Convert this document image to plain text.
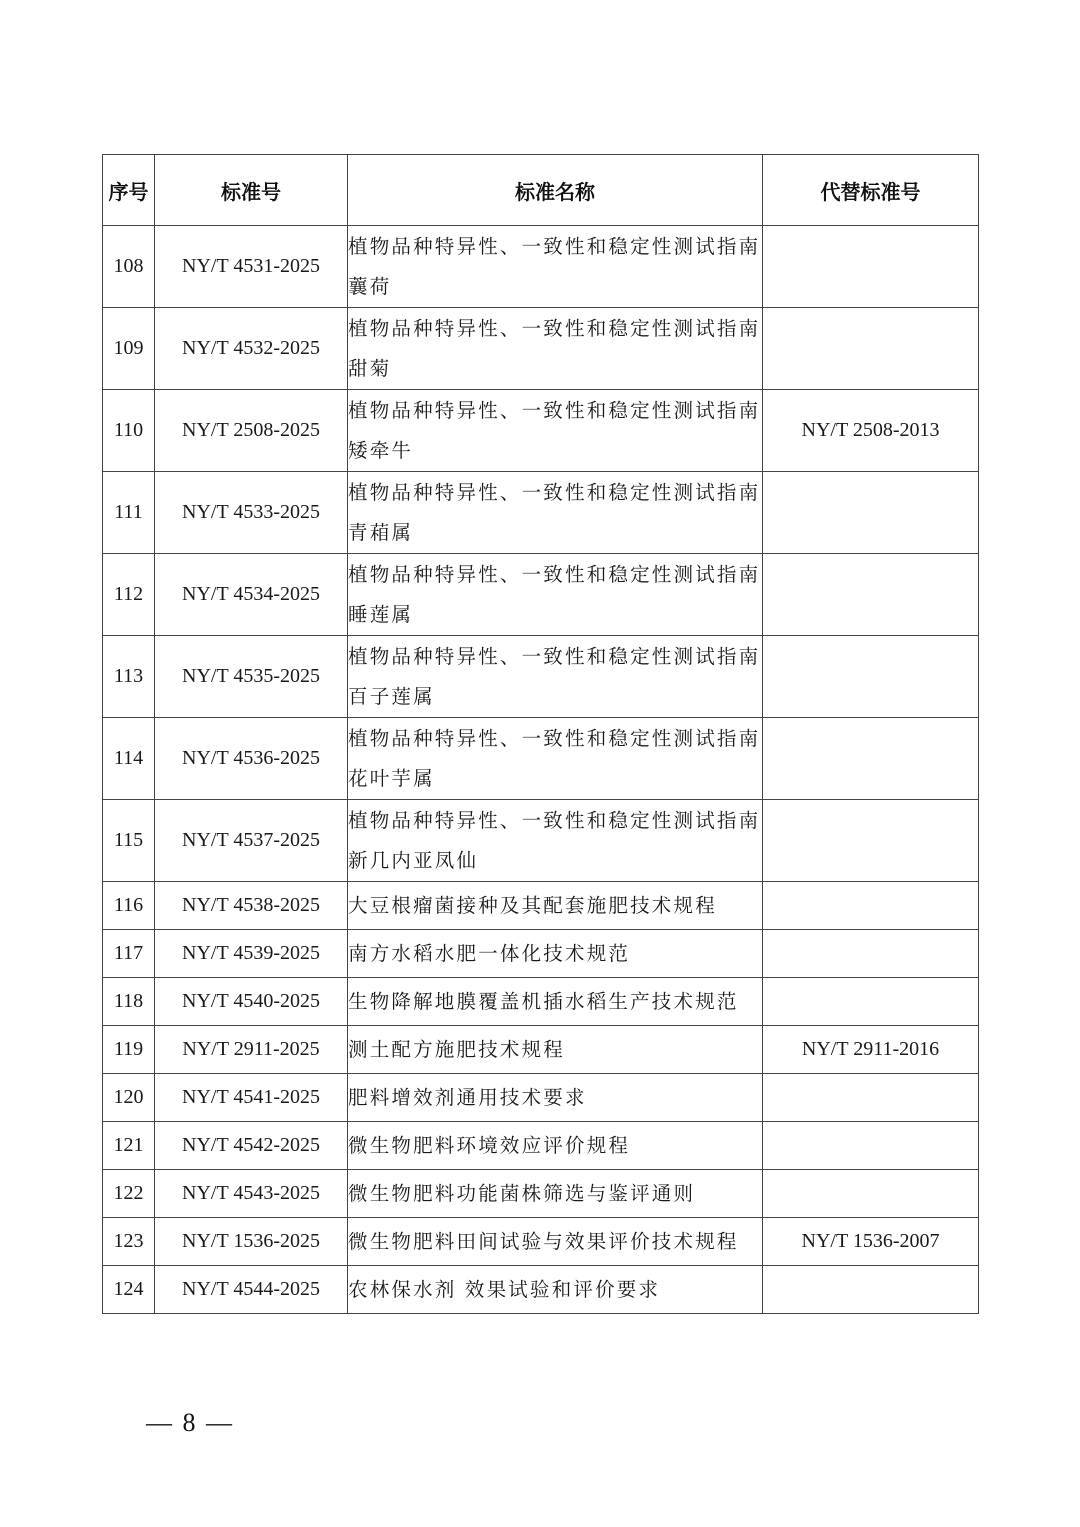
序号	标准号	标准名称	代替标准号
108	NY/T 4531-2025	植物品种特异性、一致性和稳定性测试指南
蘘荷	
109	NY/T 4532-2025	植物品种特异性、一致性和稳定性测试指南
甜菊	
110	NY/T 2508-2025	植物品种特异性、一致性和稳定性测试指南
矮牵牛	NY/T 2508-2013
111	NY/T 4533-2025	植物品种特异性、一致性和稳定性测试指南
青葙属	
112	NY/T 4534-2025	植物品种特异性、一致性和稳定性测试指南
睡莲属	
113	NY/T 4535-2025	植物品种特异性、一致性和稳定性测试指南
百子莲属	
114	NY/T 4536-2025	植物品种特异性、一致性和稳定性测试指南
花叶芋属	
115	NY/T 4537-2025	植物品种特异性、一致性和稳定性测试指南
新几内亚凤仙	
116	NY/T 4538-2025	大豆根瘤菌接种及其配套施肥技术规程	
117	NY/T 4539-2025	南方水稻水肥一体化技术规范	
118	NY/T 4540-2025	生物降解地膜覆盖机插水稻生产技术规范	
119	NY/T 2911-2025	测土配方施肥技术规程	NY/T 2911-2016
120	NY/T 4541-2025	肥料增效剂通用技术要求	
121	NY/T 4542-2025	微生物肥料环境效应评价规程	
122	NY/T 4543-2025	微生物肥料功能菌株筛选与鉴评通则	
123	NY/T 1536-2025	微生物肥料田间试验与效果评价技术规程	NY/T 1536-2007
124	NY/T 4544-2025	农林保水剂 效果试验和评价要求	
— 8 —
